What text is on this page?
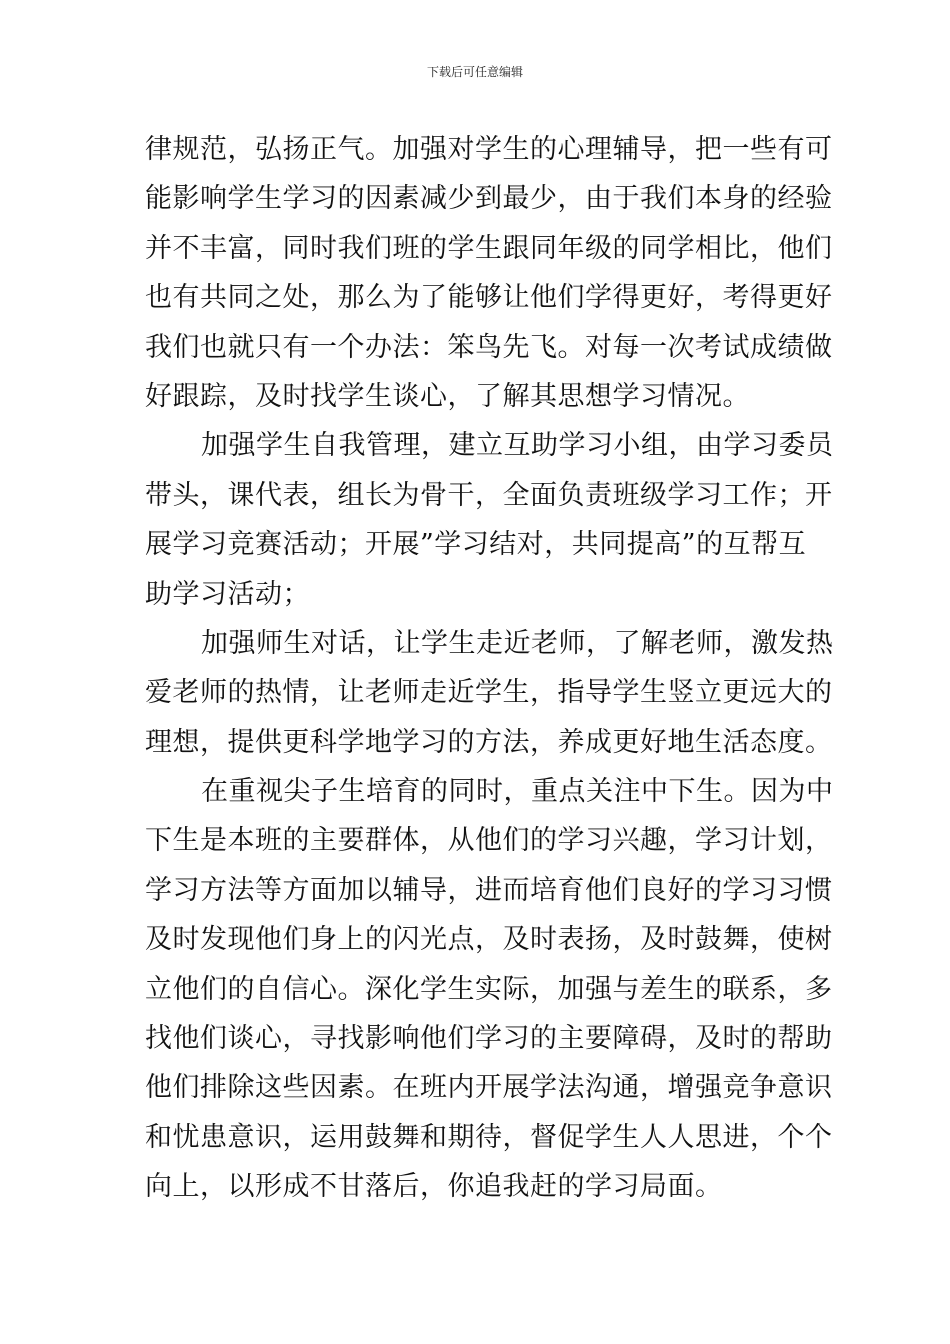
下载后可任意编辑
律规范，弘扬正气。加强对学生的心理辅导，把一些有可
能影响学生学习的因素减少到最少，由于我们本身的经验
并不丰富，同时我们班的学生跟同年级的同学相比，他们
也有共同之处，那么为了能够让他们学得更好，考得更好
我们也就只有一个办法：笨鸟先飞。对每一次考试成绩做
好跟踪，及时找学生谈心，了解其思想学习情况。
加强学生自我管理，建立互助学习小组，由学习委员
带头，课代表，组长为骨干，全面负责班级学习工作；开
展学习竞赛活动；开展”学习结对，共同提高”的互帮互
助学习活动；
加强师生对话，让学生走近老师，了解老师，激发热
爱老师的热情，让老师走近学生，指导学生竖立更远大的
理想，提供更科学地学习的方法，养成更好地生活态度。
在重视尖子生培育的同时，重点关注中下生。因为中
下生是本班的主要群体，从他们的学习兴趣，学习计划，
学习方法等方面加以辅导，进而培育他们良好的学习习惯
及时发现他们身上的闪光点，及时表扬，及时鼓舞，使树
立他们的自信心。深化学生实际，加强与差生的联系，多
找他们谈心，寻找影响他们学习的主要障碍，及时的帮助
他们排除这些因素。在班内开展学法沟通，增强竞争意识
和忧患意识，运用鼓舞和期待，督促学生人人思进，个个
向上，以形成不甘落后，你追我赶的学习局面。
